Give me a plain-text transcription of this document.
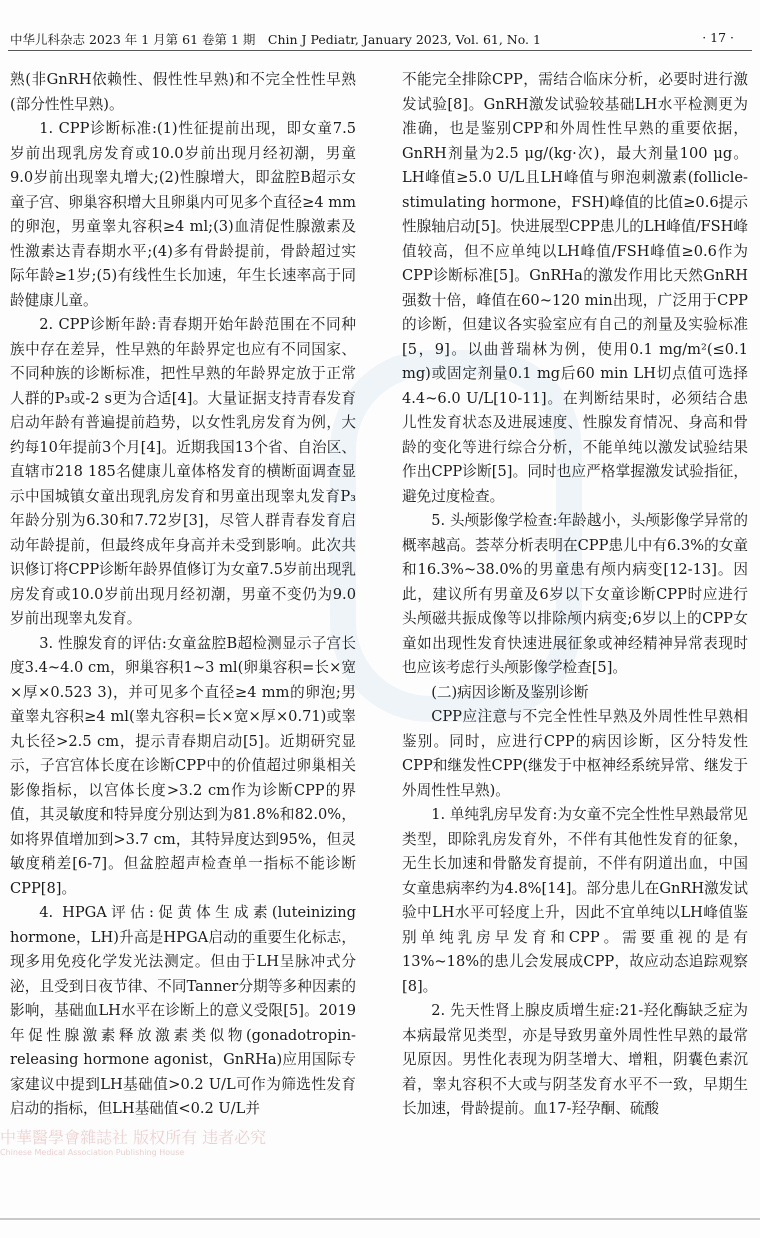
中华儿科杂志 2023 年 1 月第 61 卷第 1 期　Chin J Pediatr, January 2023, Vol. 61, No. 1	· 17 ·

熟(非GnRH依赖性、假性性早熟)和不完全性性早熟(部分性性早熟)。

1. CPP诊断标准:(1)性征提前出现，即女童7.5岁前出现乳房发育或10.0岁前出现月经初潮，男童9.0岁前出现睾丸增大;(2)性腺增大，即盆腔B超示女童子宫、卵巢容积增大且卵巢内可见多个直径≥4 mm的卵泡，男童睾丸容积≥4 ml;(3)血清促性腺激素及性激素达青春期水平;(4)多有骨龄提前，骨龄超过实际年龄≥1岁;(5)有线性生长加速，年生长速率高于同龄健康儿童。

2. CPP诊断年龄:青春期开始年龄范围在不同种族中存在差异，性早熟的年龄界定也应有不同国家、不同种族的诊断标准，把性早熟的年龄界定放于正常人群的P₃或-2 s更为合适[4]。大量证据支持青春发育启动年龄有普遍提前趋势，以女性乳房发育为例，大约每10年提前3个月[4]。近期我国13个省、自治区、直辖市218 185名健康儿童体格发育的横断面调查显示中国城镇女童出现乳房发育和男童出现睾丸发育P₃年龄分别为6.30和7.72岁[3]，尽管人群青春发育启动年龄提前，但最终成年身高并未受到影响。此次共识修订将CPP诊断年龄界值修订为女童7.5岁前出现乳房发育或10.0岁前出现月经初潮，男童不变仍为9.0岁前出现睾丸发育。

3. 性腺发育的评估:女童盆腔B超检测显示子宫长度3.4~4.0 cm，卵巢容积1~3 ml(卵巢容积=长×宽×厚×0.523 3)，并可见多个直径≥4 mm的卵泡;男童睾丸容积≥4 ml(睾丸容积=长×宽×厚×0.71)或睾丸长径>2.5 cm，提示青春期启动[5]。近期研究显示，子宫宫体长度在诊断CPP中的价值超过卵巢相关影像指标，以宫体长度>3.2 cm作为诊断CPP的界值，其灵敏度和特异度分别达到为81.8%和82.0%，如将界值增加到>3.7 cm，其特异度达到95%，但灵敏度稍差[6-7]。但盆腔超声检查单一指标不能诊断CPP[8]。

4. HPGA评估:促黄体生成素(luteinizing hormone，LH)升高是HPGA启动的重要生化标志，现多用免疫化学发光法测定。但由于LH呈脉冲式分泌，且受到日夜节律、不同Tanner分期等多种因素的影响，基础血LH水平在诊断上的意义受限[5]。2019年促性腺激素释放激素类似物(gonadotropin-releasing hormone agonist，GnRHa)应用国际专家建议中提到LH基础值>0.2 U/L可作为筛选性发育启动的指标，但LH基础值<0.2 U/L并

不能完全排除CPP，需结合临床分析，必要时进行激发试验[8]。GnRH激发试验较基础LH水平检测更为准确，也是鉴别CPP和外周性性早熟的重要依据，GnRH剂量为2.5 μg/(kg·次)，最大剂量100 μg。LH峰值≥5.0 U/L且LH峰值与卵泡刺激素(follicle-stimulating hormone，FSH)峰值的比值≥0.6提示性腺轴启动[5]。快进展型CPP患儿的LH峰值/FSH峰值较高，但不应单纯以LH峰值/FSH峰值≥0.6作为CPP诊断标准[5]。GnRHa的激发作用比天然GnRH强数十倍，峰值在60~120 min出现，广泛用于CPP的诊断，但建议各实验室应有自己的剂量及实验标准[5，9]。以曲普瑞林为例，使用0.1 mg/m²(≤0.1 mg)或固定剂量0.1 mg后60 min LH切点值可选择4.4~6.0 U/L[10-11]。在判断结果时，必须结合患儿性发育状态及进展速度、性腺发育情况、身高和骨龄的变化等进行综合分析，不能单纯以激发试验结果作出CPP诊断[5]。同时也应严格掌握激发试验指征，避免过度检查。

5. 头颅影像学检查:年龄越小，头颅影像学异常的概率越高。荟萃分析表明在CPP患儿中有6.3%的女童和16.3%~38.0%的男童患有颅内病变[12-13]。因此，建议所有男童及6岁以下女童诊断CPP时应进行头颅磁共振成像等以排除颅内病变;6岁以上的CPP女童如出现性发育快速进展征象或神经精神异常表现时也应该考虑行头颅影像学检查[5]。

(二)病因诊断及鉴别诊断

CPP应注意与不完全性性早熟及外周性性早熟相鉴别。同时，应进行CPP的病因诊断，区分特发性CPP和继发性CPP(继发于中枢神经系统异常、继发于外周性性早熟)。

1. 单纯乳房早发育:为女童不完全性性早熟最常见类型，即除乳房发育外，不伴有其他性发育的征象，无生长加速和骨骼发育提前，不伴有阴道出血，中国女童患病率约为4.8%[14]。部分患儿在GnRH激发试验中LH水平可轻度上升，因此不宜单纯以LH峰值鉴别单纯乳房早发育和CPP。需要重视的是有13%~18%的患儿会发展成CPP，故应动态追踪观察[8]。

2. 先天性肾上腺皮质增生症:21-羟化酶缺乏症为本病最常见类型，亦是导致男童外周性性早熟的最常见原因。男性化表现为阴茎增大、增粗，阴囊色素沉着，睾丸容积不大或与阴茎发育水平不一致，早期生长加速，骨龄提前。血17-羟孕酮、硫酸

中華醫學會雜誌社 版权所有 违者必究
Chinese Medical Association Publishing House
